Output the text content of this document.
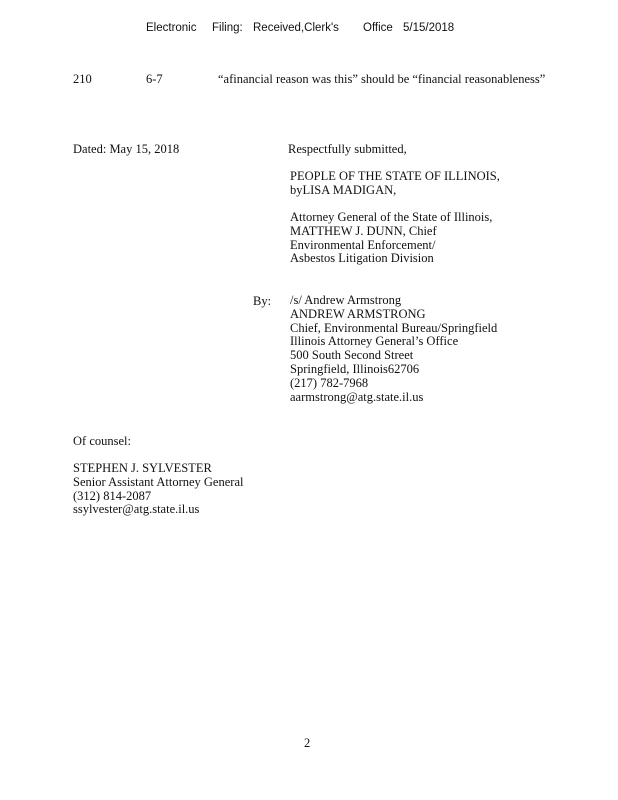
Electronic Filing: Received,Clerk's Office 5/15/2018
210	6-7	“afinancial reason was this” should be “financial reasonableness”
Dated: May 15, 2018	Respectfully submitted,
PEOPLE OF THE STATE OF ILLINOIS,
byLISA MADIGAN,
Attorney General of the State of Illinois,
MATTHEW J. DUNN, Chief
Environmental Enforcement/
Asbestos Litigation Division
By: /s/ Andrew Armstrong
ANDREW ARMSTRONG
Chief, Environmental Bureau/Springfield
Illinois Attorney General’s Office
500 South Second Street
Springfield, Illinois62706
(217) 782-7968
aarmstrong@atg.state.il.us
Of counsel:
STEPHEN J. SYLVESTER
Senior Assistant Attorney General
(312) 814-2087
ssylvester@atg.state.il.us
2
